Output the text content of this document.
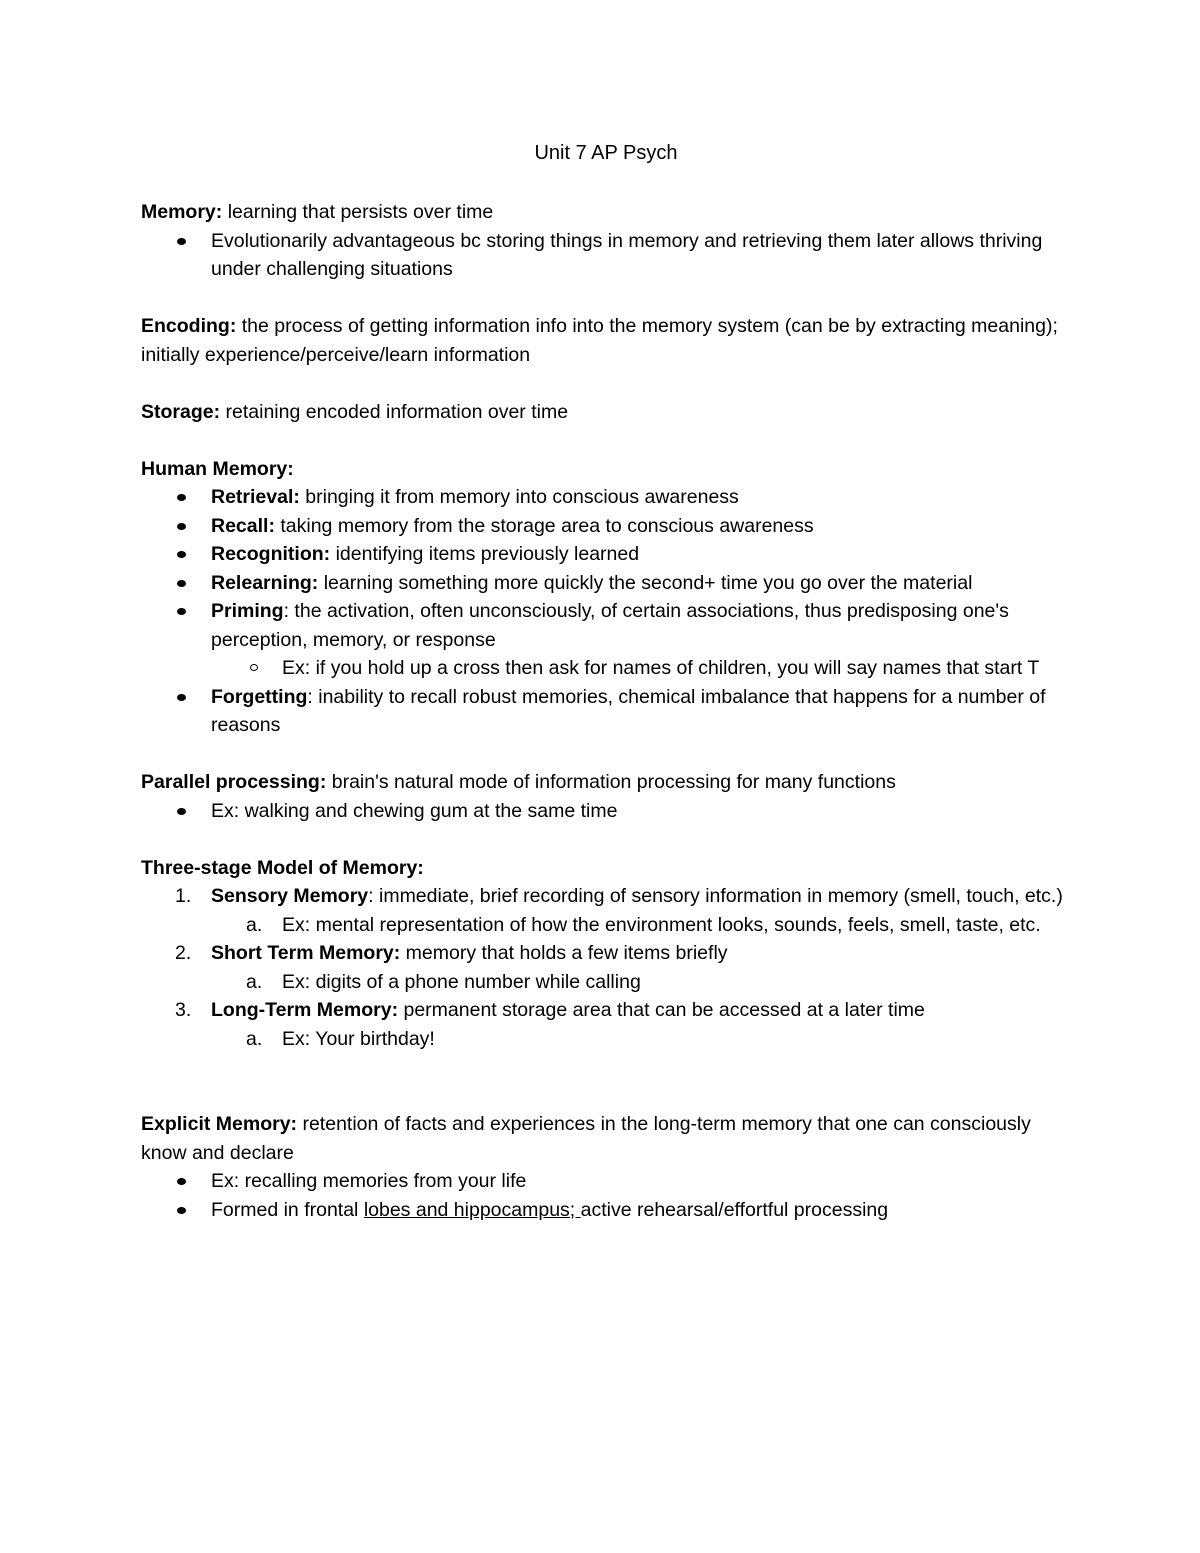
Unit 7 AP Psych

Memory: learning that persists over time

Evolutionarily advantageous bc storing things in memory and retrieving them later allows thriving under challenging situations

Encoding: the process of getting information info into the memory system (can be by extracting meaning); initially experience/perceive/learn information

Storage: retaining encoded information over time

Human Memory:

Retrieval: bringing it from memory into conscious awareness
Recall: taking memory from the storage area to conscious awareness
Recognition: identifying items previously learned
Relearning: learning something more quickly the second+ time you go over the material
Priming: the activation, often unconsciously, of certain associations, thus predisposing one's perception, memory, or response
Ex: if you hold up a cross then ask for names of children, you will say names that start T
Forgetting: inability to recall robust memories, chemical imbalance that happens for a number of reasons

Parallel processing: brain's natural mode of information processing for many functions

Ex: walking and chewing gum at the same time

Three-stage Model of Memory:

1. Sensory Memory: immediate, brief recording of sensory information in memory (smell, touch, etc.)
a. Ex: mental representation of how the environment looks, sounds, feels, smell, taste, etc.
2. Short Term Memory: memory that holds a few items briefly
a. Ex: digits of a phone number while calling
3. Long-Term Memory: permanent storage area that can be accessed at a later time
a. Ex: Your birthday!

Explicit Memory: retention of facts and experiences in the long-term memory that one can consciously know and declare

Ex: recalling memories from your life
Formed in frontal lobes and hippocampus; active rehearsal/effortful processing
